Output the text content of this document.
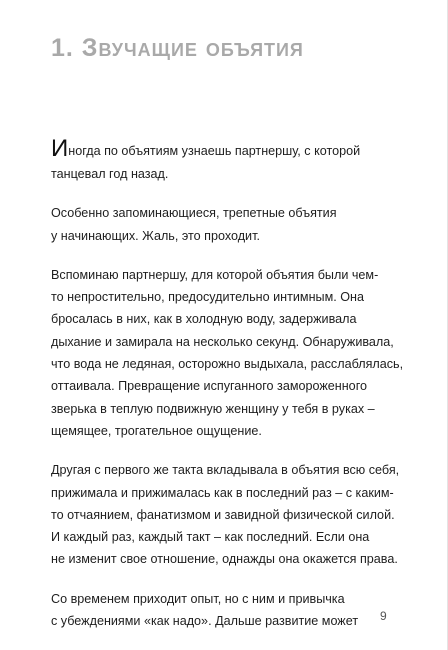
1. Звучащие объятия

Иногда по объятиям узнаешь партнершу, с которой
танцевал год назад.

Особенно запоминающиеся, трепетные объятия
у начинающих. Жаль, это проходит.

Вспоминаю партнершу, для которой объятия были чем-
то непростительно, предосудительно интимным. Она
бросалась в них, как в холодную воду, задерживала
дыхание и замирала на несколько секунд. Обнаруживала,
что вода не ледяная, осторожно выдыхала, расслаблялась,
оттаивала. Превращение испуганного замороженного
зверька в теплую подвижную женщину у тебя в руках –
щемящее, трогательное ощущение.

Другая с первого же такта вкладывала в объятия всю себя,
прижимала и прижималась как в последний раз – с каким-
то отчаянием, фанатизмом и завидной физической силой.
И каждый раз, каждый такт – как последний. Если она
не изменит свое отношение, однажды она окажется права.

Со временем приходит опыт, но с ним и привычка
с убеждениями «как надо». Дальше развитие может	9
